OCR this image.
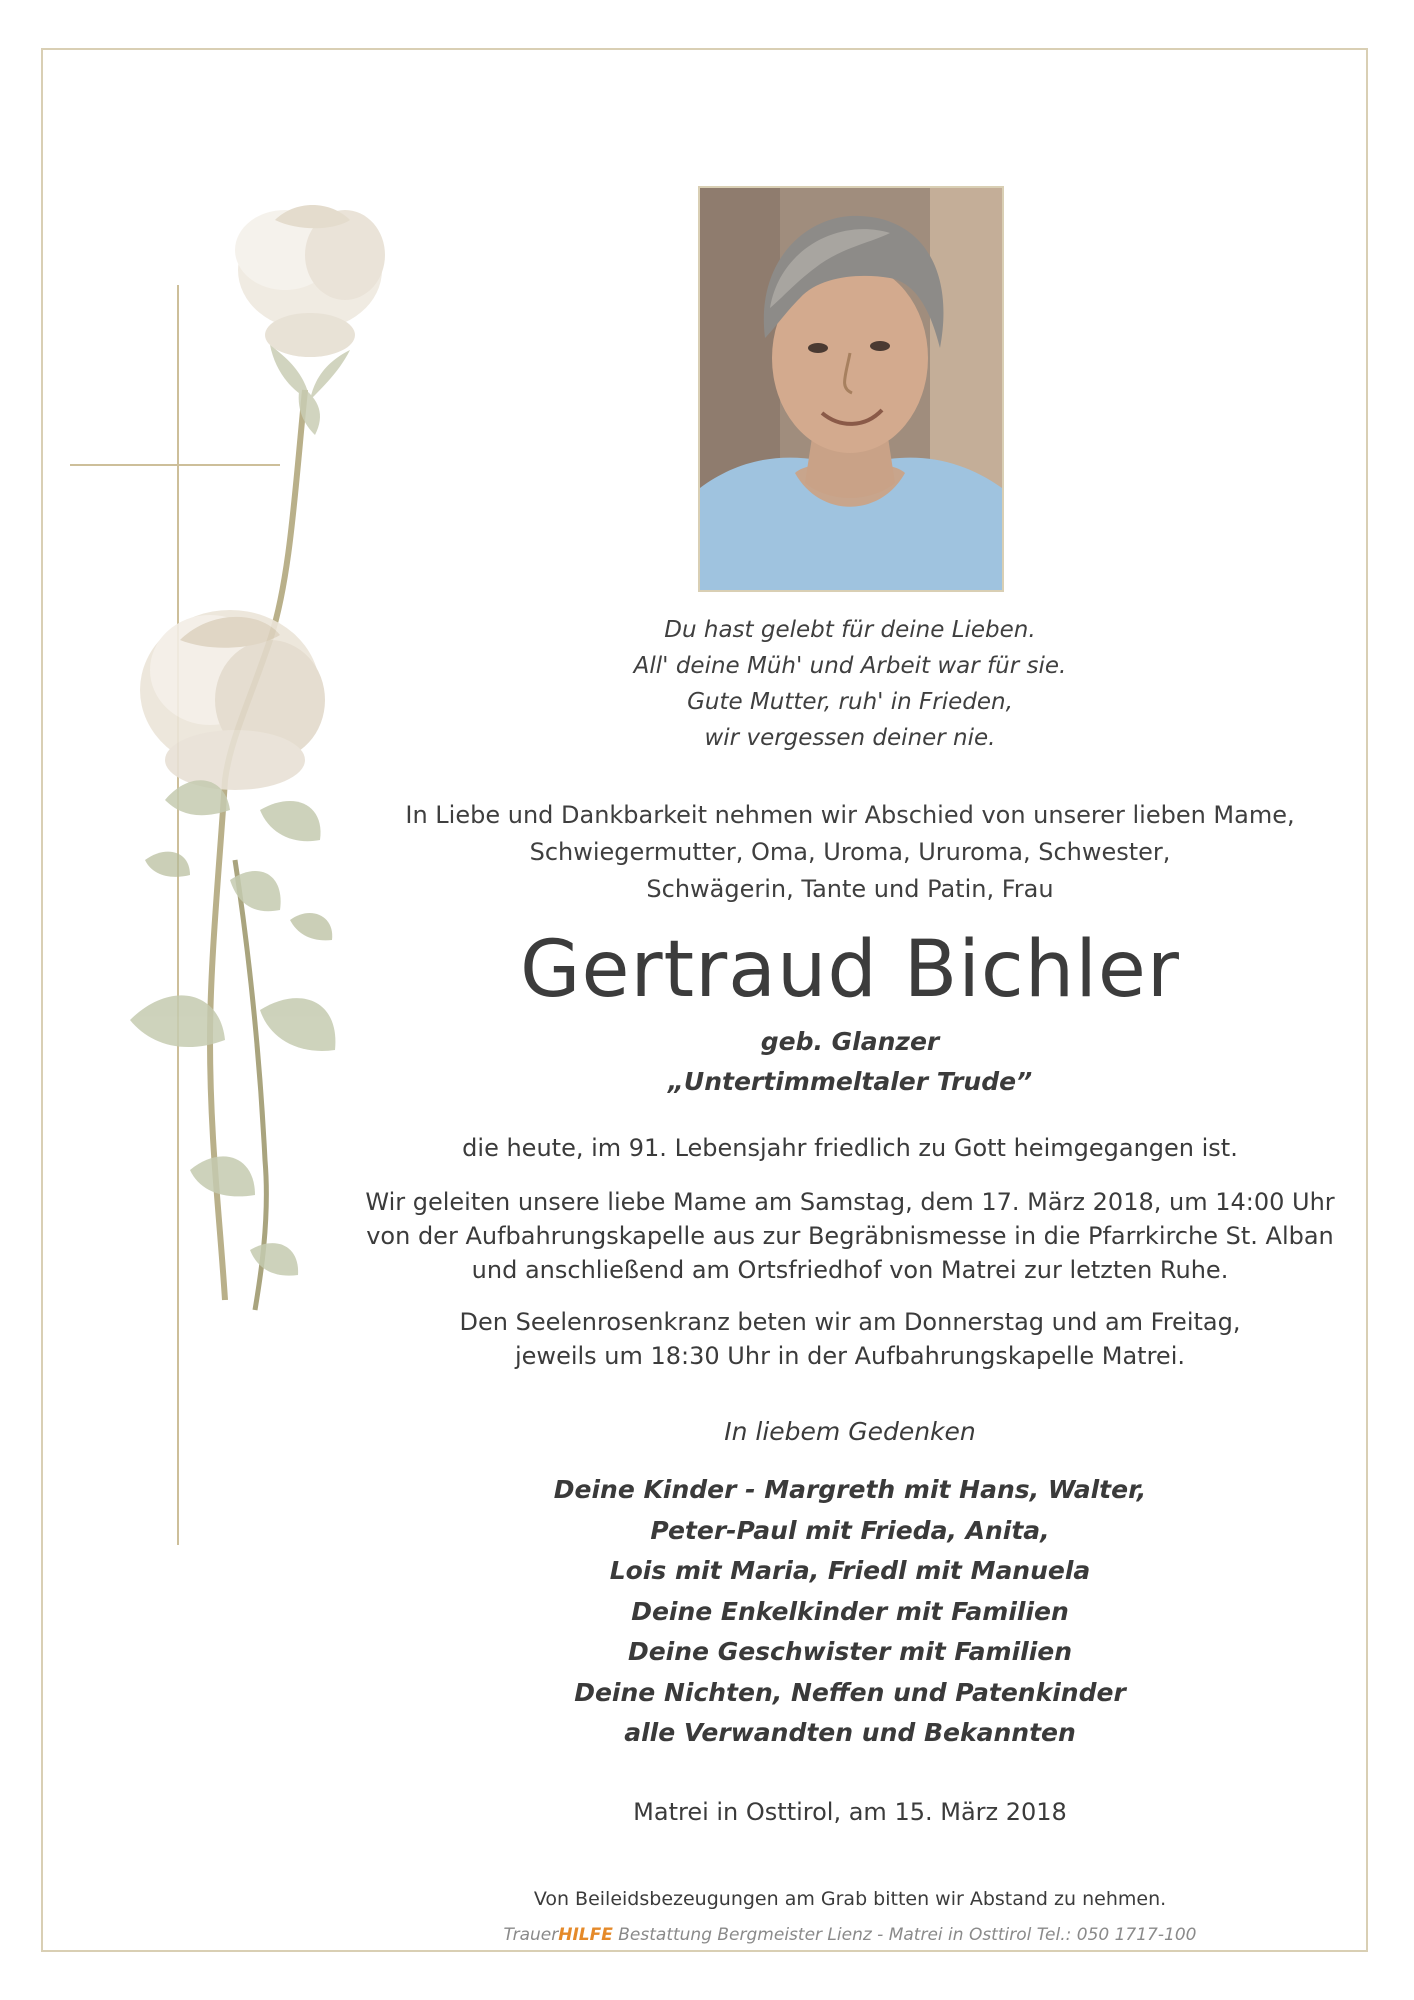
Du hast gelebt für deine Lieben.
All' deine Müh' und Arbeit war für sie.
Gute Mutter, ruh' in Frieden,
wir vergessen deiner nie.
In Liebe und Dankbarkeit nehmen wir Abschied von unserer lieben Mame,
Schwiegermutter, Oma, Uroma, Ururoma, Schwester,
Schwägerin, Tante und Patin, Frau
Gertraud Bichler
geb. Glanzer
„Untertimmeltaler Trude”
die heute, im 91. Lebensjahr friedlich zu Gott heimgegangen ist.
Wir geleiten unsere liebe Mame am Samstag, dem 17. März 2018, um 14:00 Uhr
von der Aufbahrungskapelle aus zur Begräbnismesse in die Pfarrkirche St. Alban
und anschließend am Ortsfriedhof von Matrei zur letzten Ruhe.
Den Seelenrosenkranz beten wir am Donnerstag und am Freitag,
jeweils um 18:30 Uhr in der Aufbahrungskapelle Matrei.
In liebem Gedenken
Deine Kinder - Margreth mit Hans, Walter,
Peter-Paul mit Frieda, Anita,
Lois mit Maria, Friedl mit Manuela
Deine Enkelkinder mit Familien
Deine Geschwister mit Familien
Deine Nichten, Neffen und Patenkinder
alle Verwandten und Bekannten
Matrei in Osttirol, am 15. März 2018
Von Beileidsbezeugungen am Grab bitten wir Abstand zu nehmen.
TrauerHILFE Bestattung Bergmeister Lienz - Matrei in Osttirol Tel.: 050 1717-100
